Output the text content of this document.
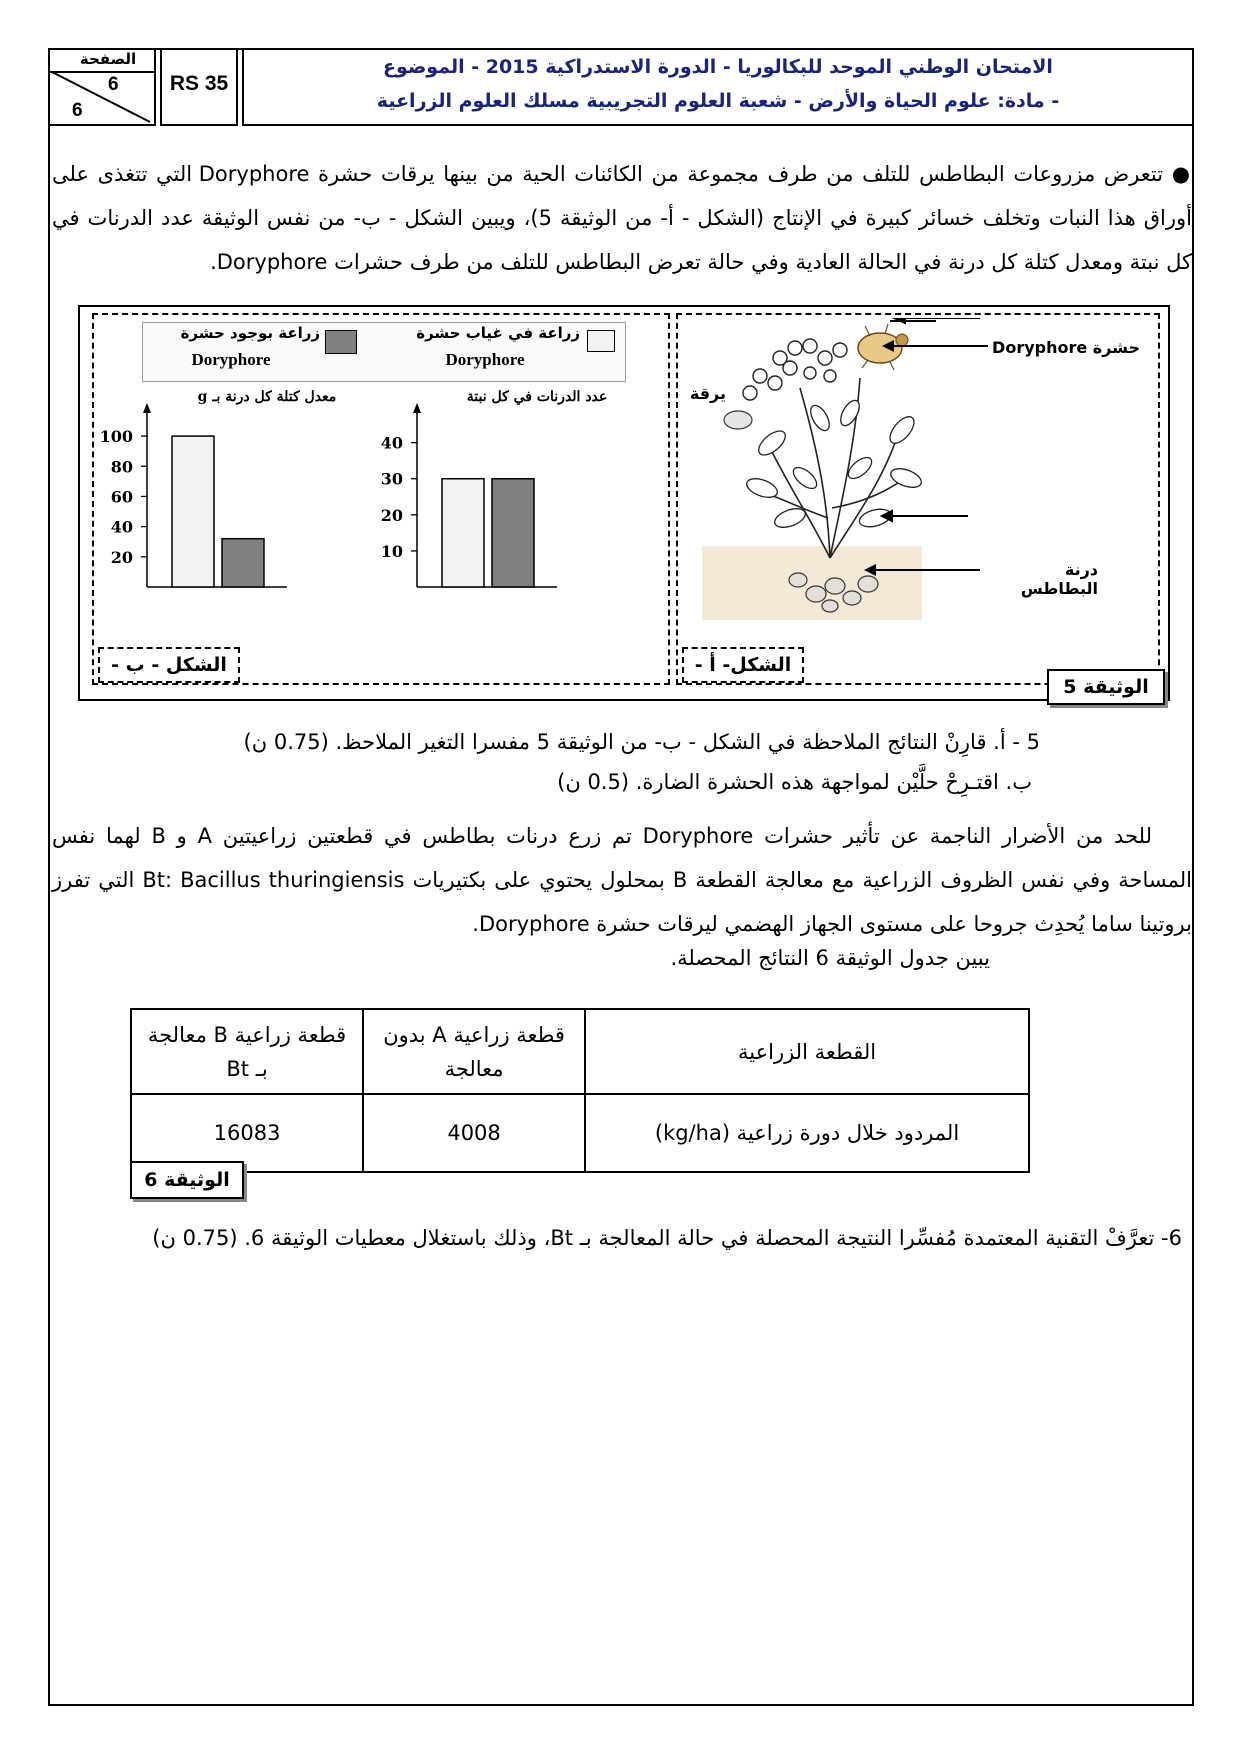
الصفحة
6
6
RS 35
الامتحان الوطني الموحد للبكالوريا - الدورة الاستدراكية 2015 - الموضوع
- مادة: علوم الحياة والأرض - شعبة العلوم التجريبية مسلك العلوم الزراعية
● تتعرض مزروعات البطاطس للتلف من طرف مجموعة من الكائنات الحية من بينها يرقات حشرة Doryphore التي تتغذى على أوراق هذا النبات وتخلف خسائر كبيرة في الإنتاج (الشكل - أ- من الوثيقة 5)، ويبين الشكل - ب- من نفس الوثيقة عدد الدرنات في كل نبتة ومعدل كتلة كل درنة في الحالة العادية وفي حالة تعرض البطاطس للتلف من طرف حشرات Doryphore.
زراعة في غياب حشرة
Doryphore
زراعة بوجود حشرة
Doryphore
معدل كتلة كل درنة بـ g
100
80
60
40
20
عدد الدرنات في كل نبتة
40
30
20
10
الشكل - ب -	الشكل- أ -
الوثيقة 5
حشرة Doryphore
يرقة
درنة البطاطس
5 - أ. قارِنْ النتائج الملاحظة في الشكل - ب- من الوثيقة 5 مفسرا التغير الملاحظ. (0.75 ن)
ب. اقتـرِحْ حلَّيْن لمواجهة هذه الحشرة الضارة. (0.5 ن)
للحد من الأضرار الناجمة عن تأثير حشرات Doryphore تم زرع درنات بطاطس في قطعتين زراعيتين A و B لهما نفس المساحة وفي نفس الظروف الزراعية مع معالجة القطعة B بمحلول يحتوي على بكتيريات Bt: Bacillus thuringiensis التي تفرز بروتينا ساما يُحدِث جروحا على مستوى الجهاز الهضمي ليرقات حشرة Doryphore.
يبين جدول الوثيقة 6 النتائج المحصلة.
القطعة الزراعية	قطعة زراعية A بدون معالجة	قطعة زراعية B معالجة بـ Bt
المردود خلال دورة زراعية (kg/ha)	4008	16083
الوثيقة 6
6- تعرَّفْ التقنية المعتمدة مُفسِّرا النتيجة المحصلة في حالة المعالجة بـ Bt، وذلك باستغلال معطيات الوثيقة 6. (0.75 ن)
